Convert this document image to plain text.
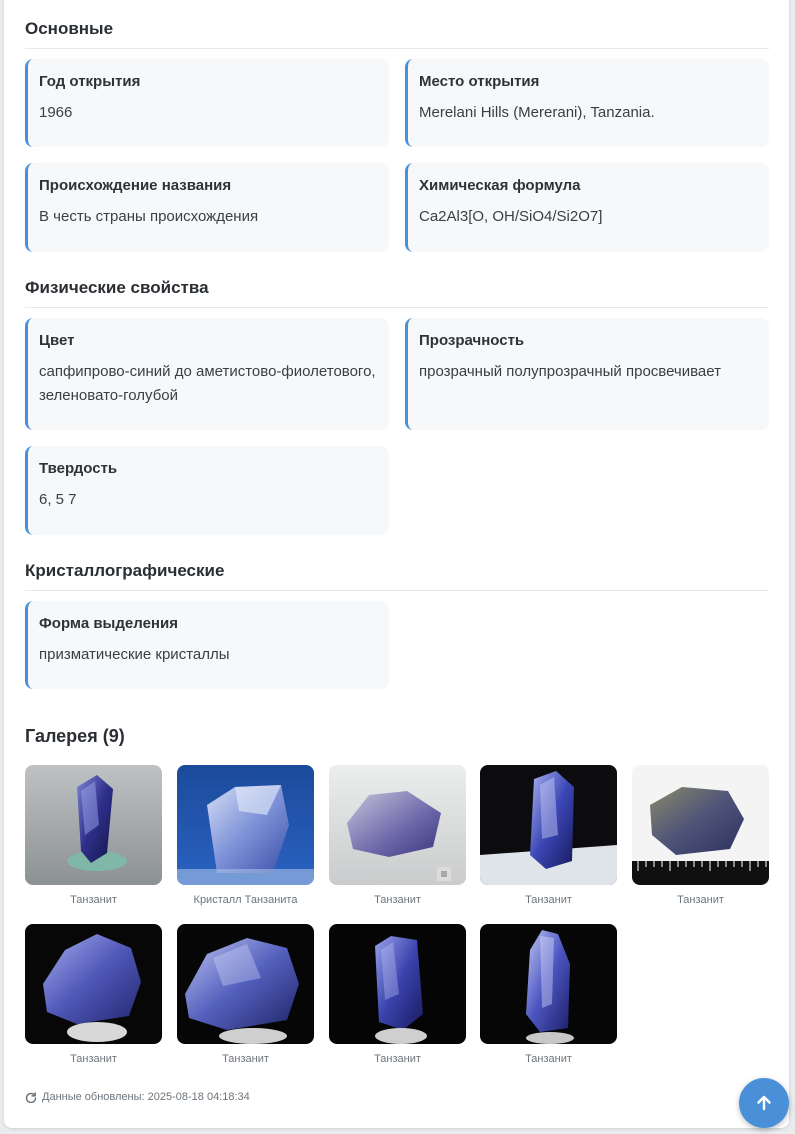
Основные
Год открытия
1966
Место открытия
Merelani Hills (Mererani), Tanzania.
Происхождение названия
В честь страны происхождения
Химическая формула
Ca2Al3[O, OH/SiO4/Si2O7]
Физические свойства
Цвет
сапфипрово-синий до аметистово-фиолетового, зеленовато-голубой
Прозрачность
прозрачный полупрозрачный просвечивает
Твердость
6, 5 7
Кристаллографические
Форма выделения
призматические кристаллы
Галерея (9)
Танзанит	Кристалл Танзанита	Танзанит	Танзанит	Танзанит
Танзанит	Танзанит	Танзанит	Танзанит
Данные обновлены: 2025-08-18 04:18:34
